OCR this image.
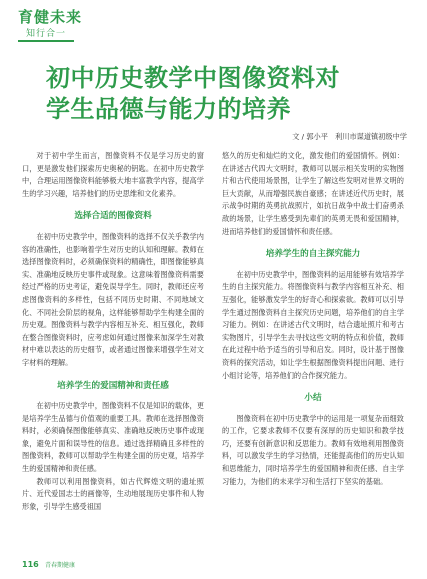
育健未来
知行合一
初中历史教学中图像资料对
学生品德与能力的培养
文 / 郭小平　利川市谋道镇初级中学

对于初中学生而言，图像资料不仅是学习历史的窗口，更是激发他们探索历史奥秘的钥匙。在初中历史教学中，合理运用图像资料能够极大地丰富教学内容，提高学生的学习兴趣，培养他们的历史思维和文化素养。

选择合适的图像资料

在初中历史教学中，图像资料的选择不仅关乎教学内容的准确性，也影响着学生对历史的认知和理解。教师在选择图像资料时，必须确保资料的精确性，即图像能够真实、准确地反映历史事件或现象。这意味着图像资料需要经过严格的历史考证，避免误导学生。同时，教师还应考虑图像资料的多样性，包括不同历史时期、不同地域文化、不同社会阶层的视角，这样能够帮助学生构建全面的历史观。图像资料与教学内容相互补充、相互强化，教师在整合图像资料时，应考虑如何通过图像来加深学生对教材中难以表达的历史细节，或者通过图像来增强学生对文字材料的理解。

培养学生的爱国精神和责任感

在初中历史教学中，图像资料不仅是知识的载体，更是培养学生品德与价值观的重要工具。教师在选择图像资料时，必须确保图像能够真实、准确地反映历史事件或现象，避免片面和误导性的信息。通过选择精确且多样性的图像资料，教师可以帮助学生构建全面的历史观，培养学生的爱国精神和责任感。

教师可以利用图像资料，如古代辉煌文明的遗址照片、近代爱国志士的画像等，生动地展现历史事件和人物形象，引导学生感受祖国

悠久的历史和灿烂的文化，激发他们的爱国情怀。例如：在讲述古代四大文明时，教师可以展示相关发明的实物图片和古代使用场景图，让学生了解这些发明对世界文明的巨大贡献，从而增强民族自豪感；在讲述近代历史时，展示战争时期的英勇抗战照片，如抗日战争中战士们奋勇杀敌的场景，让学生感受到先辈们的英勇无畏和爱国精神，进而培养他们的爱国情怀和责任感。

培养学生的自主探究能力

在初中历史教学中，图像资料的运用能够有效培养学生的自主探究能力。将图像资料与教学内容相互补充、相互强化，能够激发学生的好奇心和探索欲。教师可以引导学生通过图像资料自主探究历史问题，培养他们的自主学习能力。例如：在讲述古代文明时，结合遗址照片和考古实物图片，引导学生去寻找这些文明的特点和价值，教师在此过程中给予适当的引导和启发。同时，设计基于图像资料的探究活动，如让学生根据图像资料提出问题、进行小组讨论等，培养他们的合作探究能力。

小结

图像资料在初中历史教学中的运用是一项复杂而细致的工作，它要求教师不仅要有深厚的历史知识和教学技巧，还要有创新意识和反思能力。教师有效地利用图像资料，可以激发学生的学习热情，还能提高他们的历史认知和思维能力，同时培养学生的爱国精神和责任感、自主学习能力，为他们的未来学习和生活打下坚实的基础。

116 青春期健康
